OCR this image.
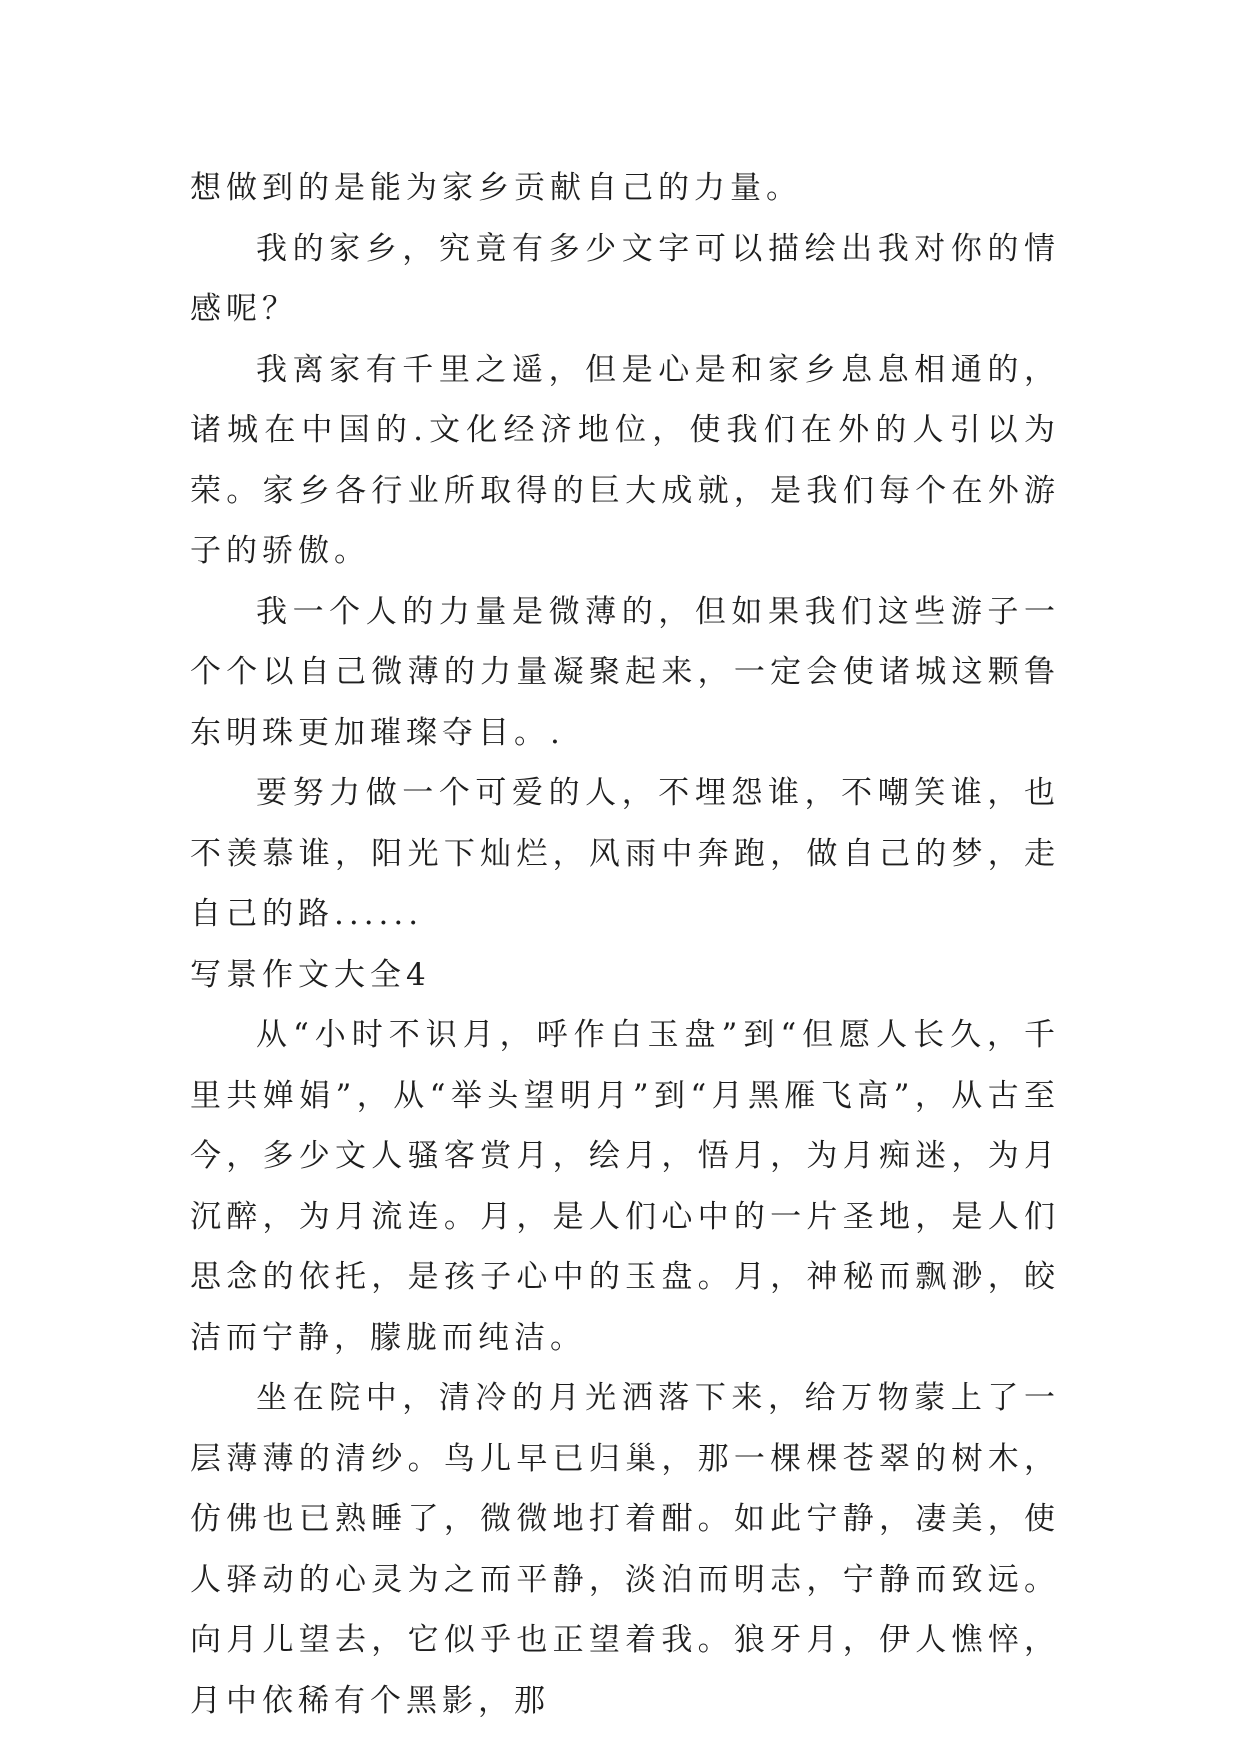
想做到的是能为家乡贡献自己的力量。

我的家乡，究竟有多少文字可以描绘出我对你的情感呢？

我离家有千里之遥，但是心是和家乡息息相通的，诸城在中国的.文化经济地位，使我们在外的人引以为荣。家乡各行业所取得的巨大成就，是我们每个在外游子的骄傲。

我一个人的力量是微薄的，但如果我们这些游子一个个以自己微薄的力量凝聚起来，一定会使诸城这颗鲁东明珠更加璀璨夺目。.

要努力做一个可爱的人，不埋怨谁，不嘲笑谁，也不羡慕谁，阳光下灿烂，风雨中奔跑，做自己的梦，走自己的路......

写景作文大全4

从“小时不识月，呼作白玉盘”到“但愿人长久，千里共婵娟”，从“举头望明月”到“月黑雁飞高”，从古至今，多少文人骚客赏月，绘月，悟月，为月痴迷，为月沉醉，为月流连。月，是人们心中的一片圣地，是人们思念的依托，是孩子心中的玉盘。月，神秘而飘渺，皎洁而宁静，朦胧而纯洁。

坐在院中，清冷的月光洒落下来，给万物蒙上了一层薄薄的清纱。鸟儿早已归巢，那一棵棵苍翠的树木，仿佛也已熟睡了，微微地打着酣。如此宁静，凄美，使人驿动的心灵为之而平静，淡泊而明志，宁静而致远。向月儿望去，它似乎也正望着我。狼牙月，伊人憔悴，月中依稀有个黑影，那
